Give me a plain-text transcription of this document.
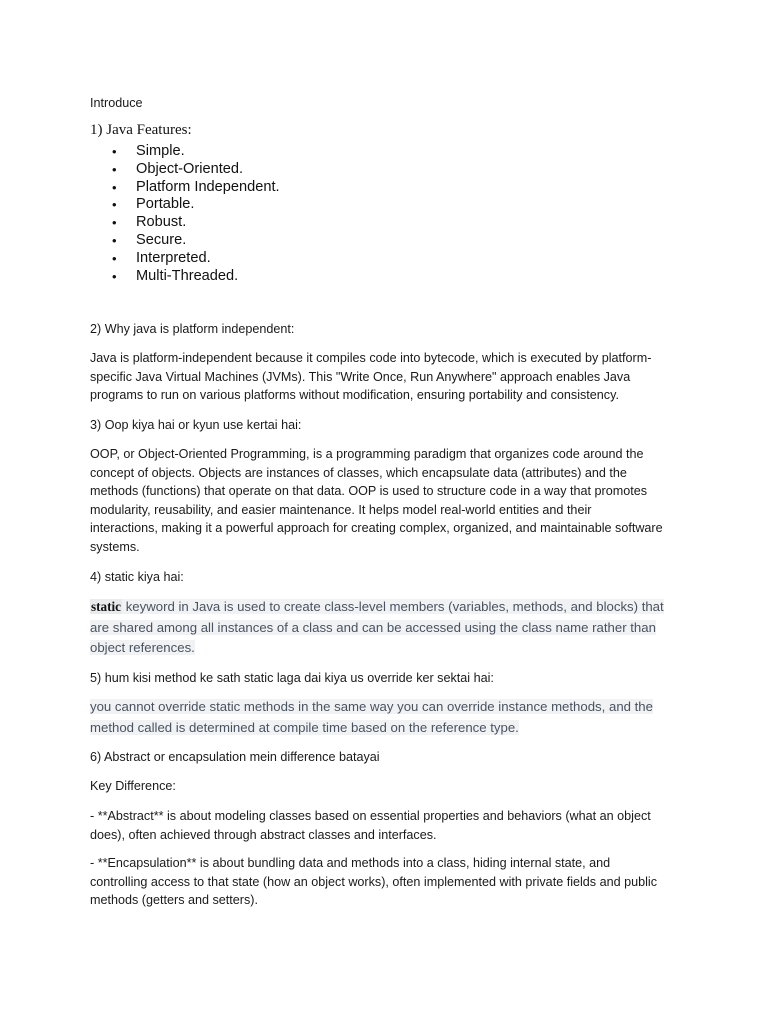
Introduce
1) Java Features:
• Simple.
• Object-Oriented.
• Platform Independent.
• Portable.
• Robust.
• Secure.
• Interpreted.
• Multi-Threaded.

2) Why java is platform independent:

Java is platform-independent because it compiles code into bytecode, which is executed by platform-
specific Java Virtual Machines (JVMs). This "Write Once, Run Anywhere" approach enables Java
programs to run on various platforms without modification, ensuring portability and consistency.

3) Oop kiya hai or kyun use kertai hai:

OOP, or Object-Oriented Programming, is a programming paradigm that organizes code around the
concept of objects. Objects are instances of classes, which encapsulate data (attributes) and the
methods (functions) that operate on that data. OOP is used to structure code in a way that promotes
modularity, reusability, and easier maintenance. It helps model real-world entities and their
interactions, making it a powerful approach for creating complex, organized, and maintainable software
systems.

4) static kiya hai:

static keyword in Java is used to create class-level members (variables, methods, and blocks) that
are shared among all instances of a class and can be accessed using the class name rather than
object references.

5) hum kisi method ke sath static laga dai kiya us override ker sektai hai:

you cannot override static methods in the same way you can override instance methods, and the
method called is determined at compile time based on the reference type.

6) Abstract or encapsulation mein difference batayai

Key Difference:

- **Abstract** is about modeling classes based on essential properties and behaviors (what an object
does), often achieved through abstract classes and interfaces.

- **Encapsulation** is about bundling data and methods into a class, hiding internal state, and
controlling access to that state (how an object works), often implemented with private fields and public
methods (getters and setters).
